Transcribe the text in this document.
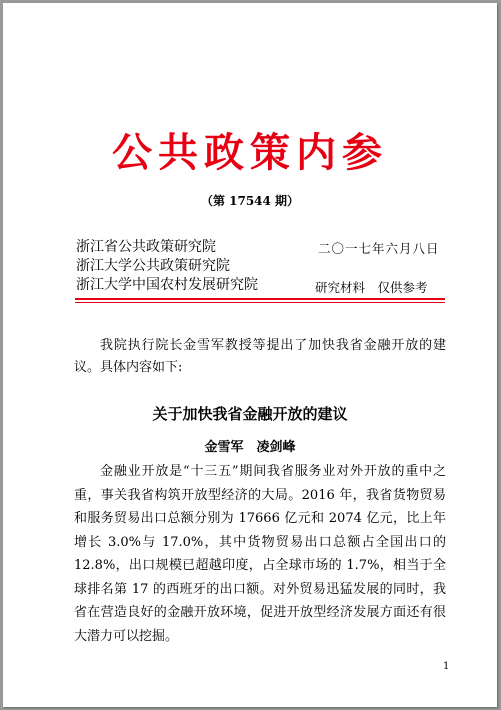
公共政策内参
（第 17544 期）
浙江省公共政策研究院
浙江大学公共政策研究院
浙江大学中国农村发展研究院
二〇一七年六月八日
研究材料　仅供参考

我院执行院长金雪军教授等提出了加快我省金融开放的建议。具体内容如下:

关于加快我省金融开放的建议
金雪军　凌剑峰

金融业开放是“十三五”期间我省服务业对外开放的重中之重，事关我省构筑开放型经济的大局。2016 年，我省货物贸易和服务贸易出口总额分别为 17666 亿元和 2074 亿元，比上年增长 3.0%与 17.0%，其中货物贸易出口总额占全国出口的 12.8%，出口规模已超越印度，占全球市场的 1.7%，相当于全球排名第 17 的西班牙的出口额。对外贸易迅猛发展的同时，我省在营造良好的金融开放环境，促进开放型经济发展方面还有很大潜力可以挖掘。

1
